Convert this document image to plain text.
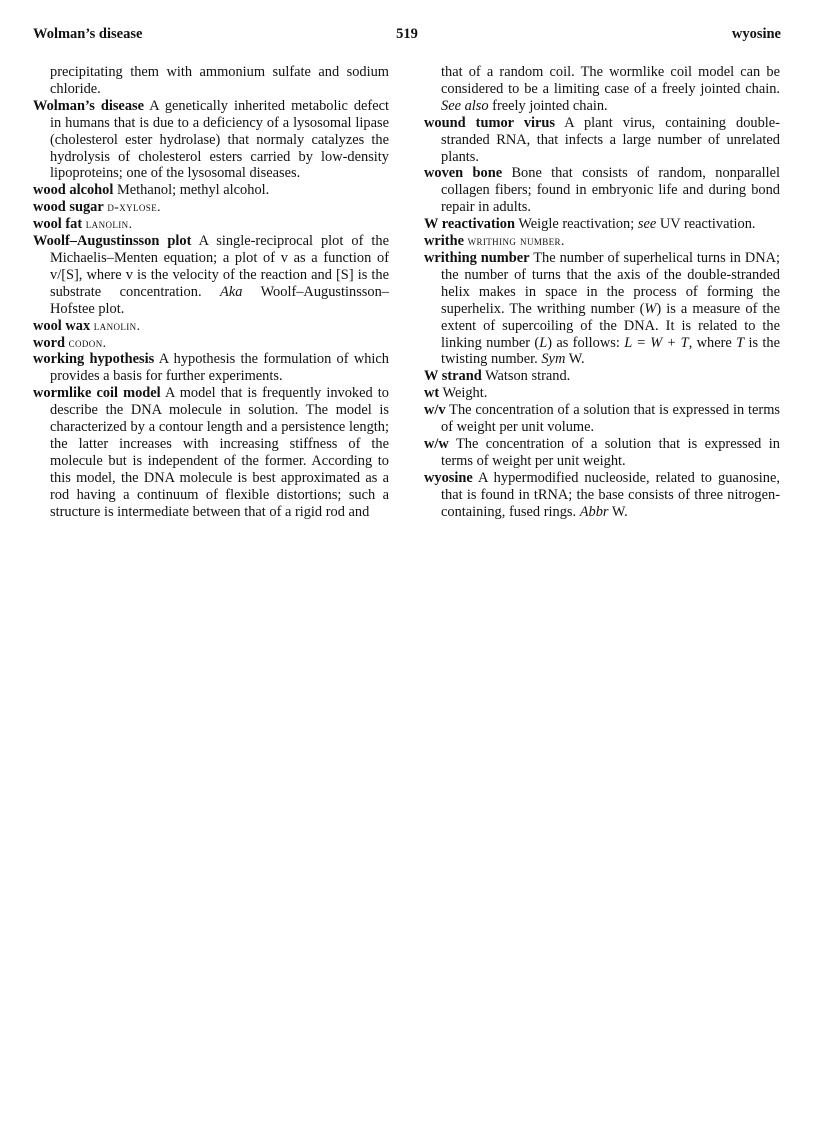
Wolman’s disease	519	wyosine

precipitating them with ammonium sulfate and sodium chloride.

Wolman’s disease A genetically inherited metabolic defect in humans that is due to a deficiency of a lysosomal lipase (cholesterol ester hydrolase) that normaly catalyzes the hydrolysis of cholesterol esters carried by low-density lipoproteins; one of the lysosomal diseases.

wood alcohol Methanol; methyl alcohol.

wood sugar d-xylose.

wool fat lanolin.

Woolf–Augustinsson plot A single-reciprocal plot of the Michaelis–Menten equation; a plot of v as a function of v/[S], where v is the velocity of the reaction and [S] is the substrate concentration. Aka Woolf–Augustinsson–Hofstee plot.

wool wax lanolin.

word codon.

working hypothesis A hypothesis the formulation of which provides a basis for further experiments.

wormlike coil model A model that is frequently invoked to describe the DNA molecule in solution. The model is characterized by a contour length and a persistence length; the latter increases with increasing stiffness of the molecule but is independent of the former. According to this model, the DNA molecule is best approximated as a rod having a continuum of flexible distortions; such a structure is intermediate between that of a rigid rod and

that of a random coil. The wormlike coil model can be considered to be a limiting case of a freely jointed chain. See also freely jointed chain.

wound tumor virus A plant virus, containing double-stranded RNA, that infects a large number of unrelated plants.

woven bone Bone that consists of random, nonparallel collagen fibers; found in embryonic life and during bond repair in adults.

W reactivation Weigle reactivation; see UV reactivation.

writhe writhing number.

writhing number The number of superhelical turns in DNA; the number of turns that the axis of the double-stranded helix makes in space in the process of forming the superhelix. The writhing number (W) is a measure of the extent of supercoiling of the DNA. It is related to the linking number (L) as follows: L = W + T, where T is the twisting number. Sym W.

W strand Watson strand.

wt Weight.

w/v The concentration of a solution that is expressed in terms of weight per unit volume.

w/w The concentration of a solution that is expressed in terms of weight per unit weight.

wyosine A hypermodified nucleoside, related to guanosine, that is found in tRNA; the base consists of three nitrogen-containing, fused rings. Abbr W.
